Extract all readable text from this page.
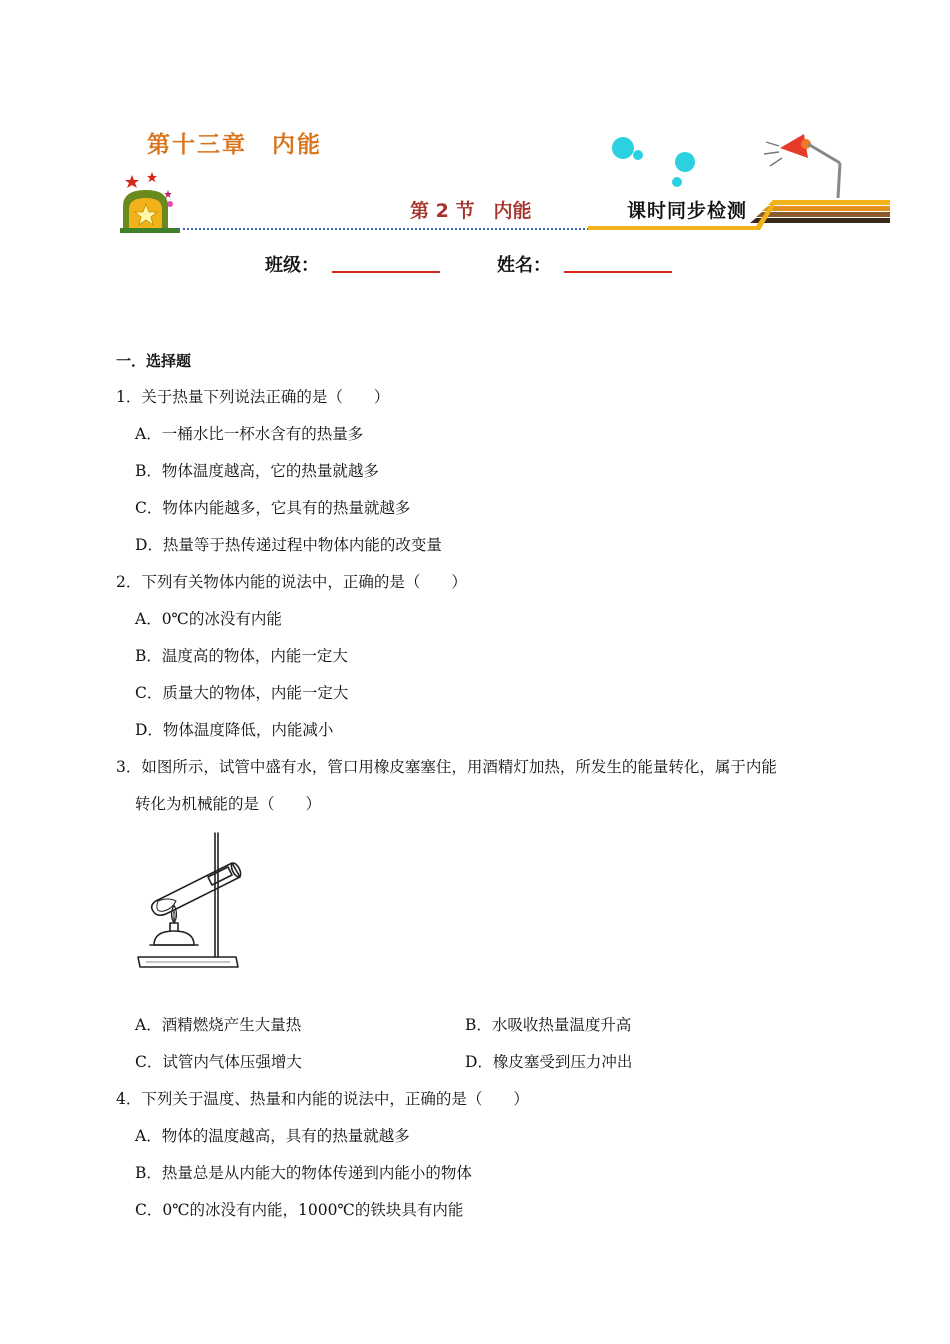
第十三章　内能
第 2 节　内能	课时同步检测
班级：	姓名：
一．选择题
1．关于热量下列说法正确的是（　　）
A．一桶水比一杯水含有的热量多
B．物体温度越高，它的热量就越多
C．物体内能越多，它具有的热量就越多
D．热量等于热传递过程中物体内能的改变量
2．下列有关物体内能的说法中，正确的是（　　）
A．0℃的冰没有内能
B．温度高的物体，内能一定大
C．质量大的物体，内能一定大
D．物体温度降低，内能减小
3．如图所示，试管中盛有水，管口用橡皮塞塞住，用酒精灯加热，所发生的能量转化，属于内能
转化为机械能的是（　　）
A．酒精燃烧产生大量热	B．水吸收热量温度升高
C．试管内气体压强增大	D．橡皮塞受到压力冲出
4．下列关于温度、热量和内能的说法中，正确的是（　　）
A．物体的温度越高，具有的热量就越多
B．热量总是从内能大的物体传递到内能小的物体
C．0℃的冰没有内能，1000℃的铁块具有内能
